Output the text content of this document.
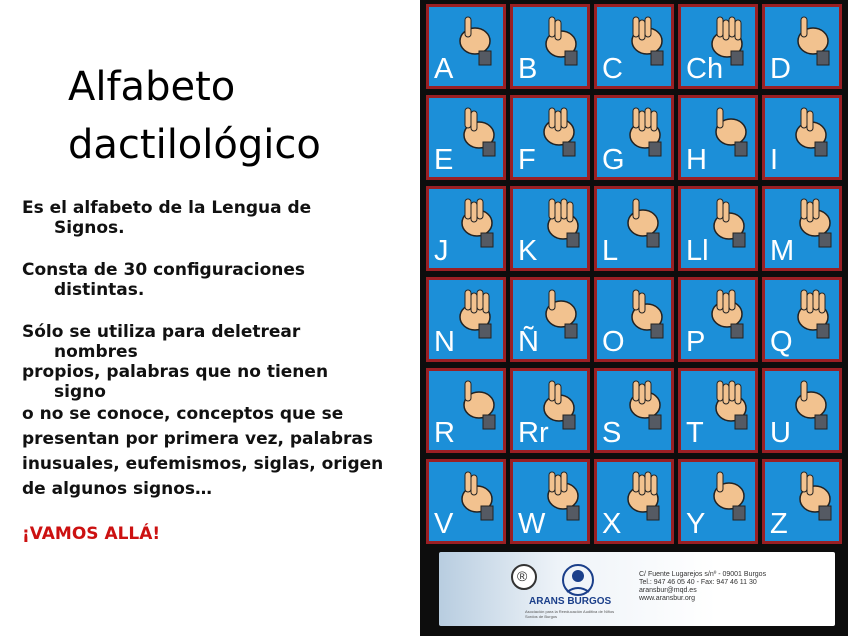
Alfabeto
dactilológico
Es el alfabeto de la Lengua de
Signos.
Consta de 30 configuraciones
distintas.
Sólo se utiliza para deletrear
nombres
propios, palabras que no tienen
signo
o no se conoce, conceptos que se
presentan por primera vez, palabras
inusuales, eufemismos, siglas, origen
de algunos signos…
¡VAMOS ALLÁ!
A B C Ch D
E F G H I
J K L Ll M
N Ñ O P Q
R Rr S T U
V W X Y Z
®
ARANS BURGOS
Asociación para la Reeducación Auditiva de Niños Sordos de Burgos
C/ Fuente Lugarejos s/nº - 09001 Burgos
Tel.: 947 46 05 40 - Fax: 947 46 11 30
aransbur@mqd.es
www.aransbur.org
